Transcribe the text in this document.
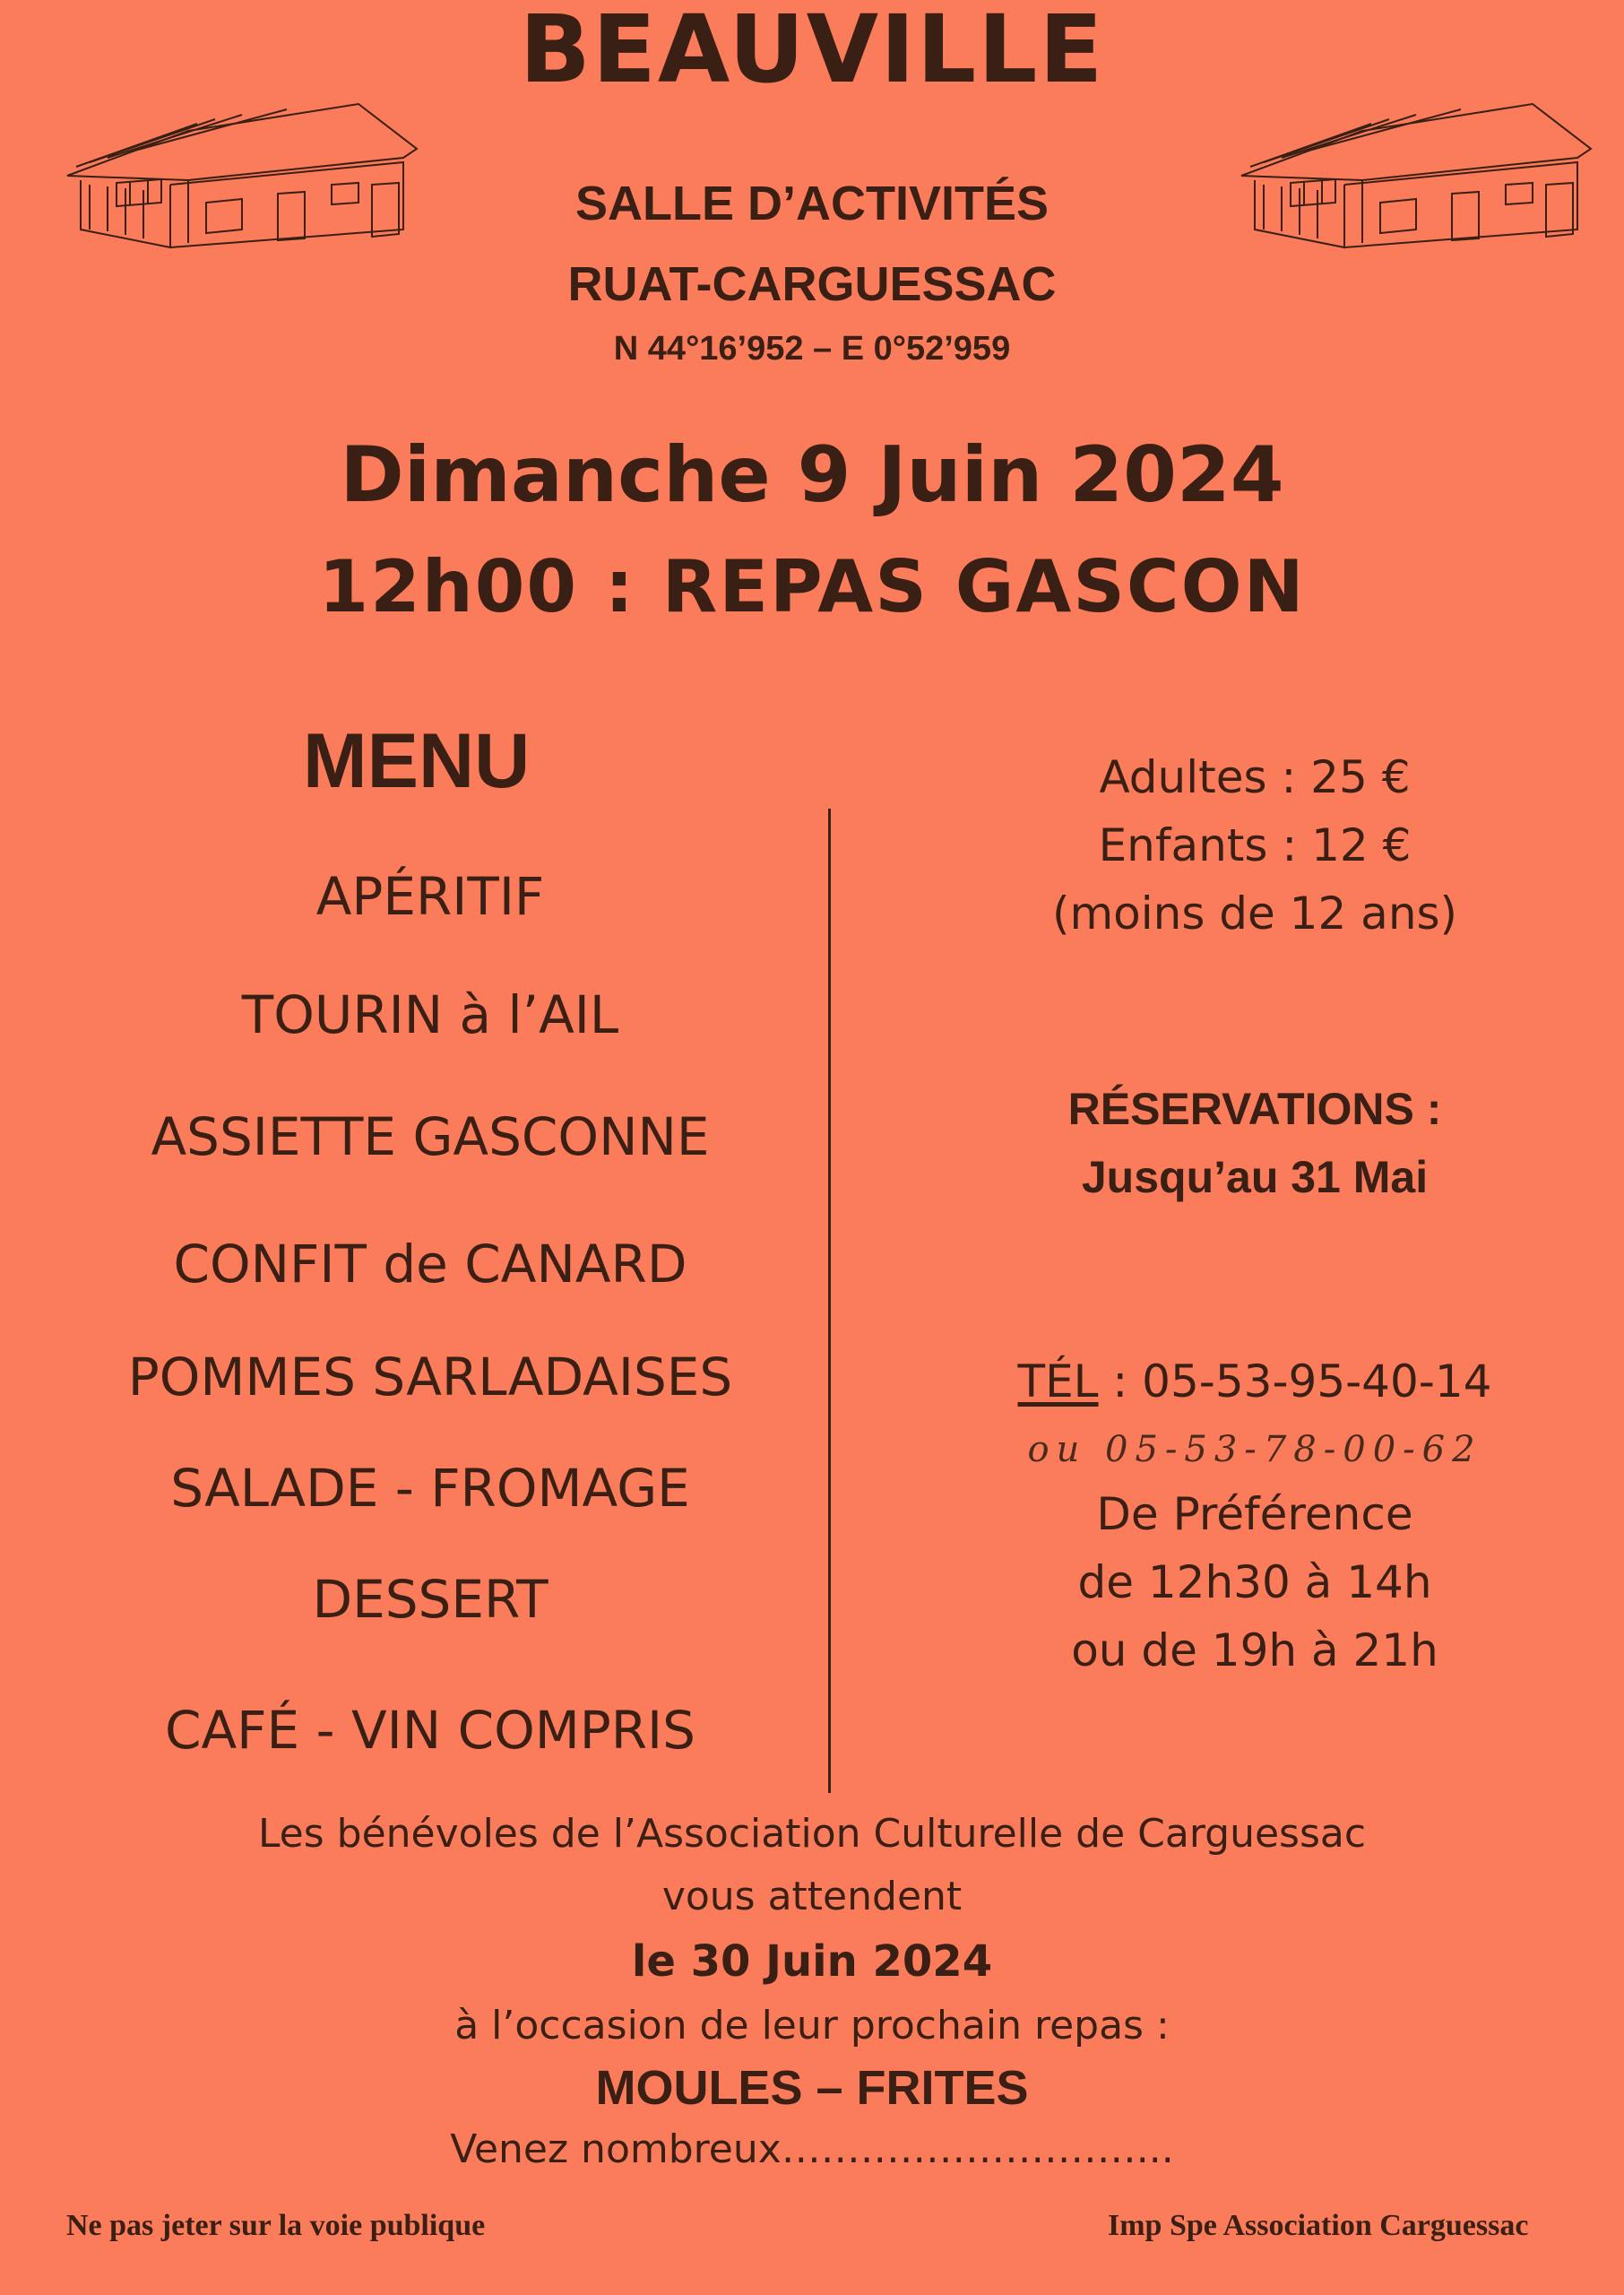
BEAUVILLE
SALLE D’ACTIVITÉS
RUAT-CARGUESSAC
N 44°16’952 – E 0°52’959
Dimanche 9 Juin 2024
12h00 : REPAS GASCON
MENU
APÉRITIF
TOURIN à l’AIL
ASSIETTE GASCONNE
CONFIT de CANARD
POMMES SARLADAISES
SALADE - FROMAGE
DESSERT
CAFÉ - VIN COMPRIS
Adultes : 25 €
Enfants : 12 €
(moins de 12 ans)
RÉSERVATIONS :
Jusqu’au 31 Mai
TÉL : 05-53-95-40-14
ou 05-53-78-00-62
De Préférence
de 12h30 à 14h
ou de 19h à 21h
Les bénévoles de l’Association Culturelle de Carguessac
vous attendent
le 30 Juin 2024
à l’occasion de leur prochain repas :
MOULES – FRITES
Venez nombreux………………………...
Ne pas jeter sur la voie publique	Imp Spe Association Carguessac
